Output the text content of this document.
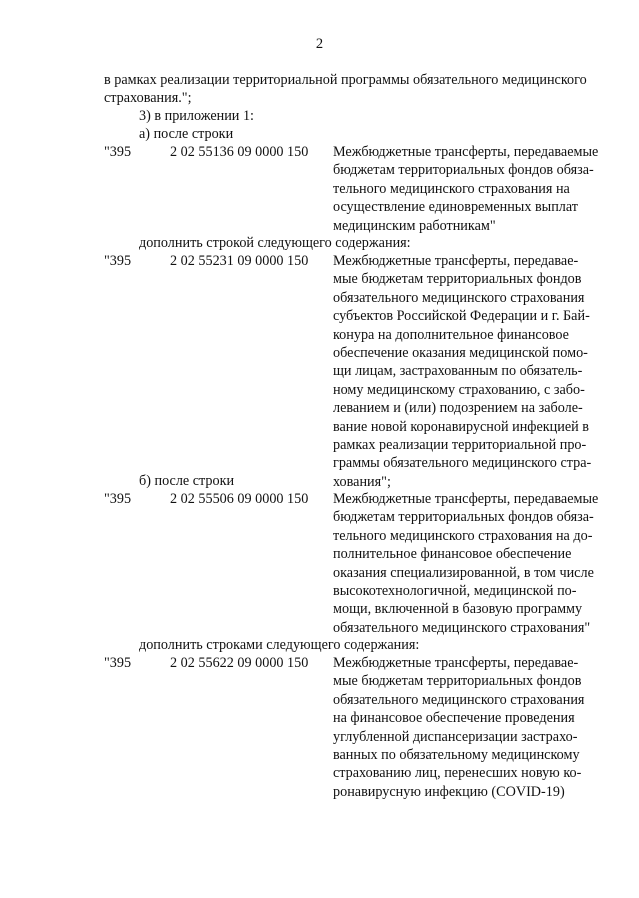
2
в рамках реализации территориальной программы обязательного медицинского
страхования.";
3) в приложении 1:
а) после строки
"395	2 02 55136 09 0000 150 Межбюджетные трансферты, передаваемые
бюджетам территориальных фондов обяза-
тельного медицинского страхования на
осуществление единовременных выплат
медицинским работникам"
дополнить строкой следующего содержания:
"395	2 02 55231 09 0000 150 Межбюджетные трансферты, передавае-
мые бюджетам территориальных фондов
обязательного медицинского страхования
субъектов Российской Федерации и г. Бай-
конура на дополнительное финансовое
обеспечение оказания медицинской помо-
щи лицам, застрахованным по обязатель-
ному медицинскому страхованию, с забо-
леванием и (или) подозрением на заболе-
вание новой коронавирусной инфекцией в
рамках реализации территориальной про-
граммы обязательного медицинского стра-
хования";
б) после строки
"395	2 02 55506 09 0000 150 Межбюджетные трансферты, передаваемые
бюджетам территориальных фондов обяза-
тельного медицинского страхования на до-
полнительное финансовое обеспечение
оказания специализированной, в том числе
высокотехнологичной, медицинской по-
мощи, включенной в базовую программу
обязательного медицинского страхования"
дополнить строками следующего содержания:
"395	2 02 55622 09 0000 150 Межбюджетные трансферты, передавае-
мые бюджетам территориальных фондов
обязательного медицинского страхования
на финансовое обеспечение проведения
углубленной диспансеризации застрахо-
ванных по обязательному медицинскому
страхованию лиц, перенесших новую ко-
ронавирусную инфекцию (COVID-19)
